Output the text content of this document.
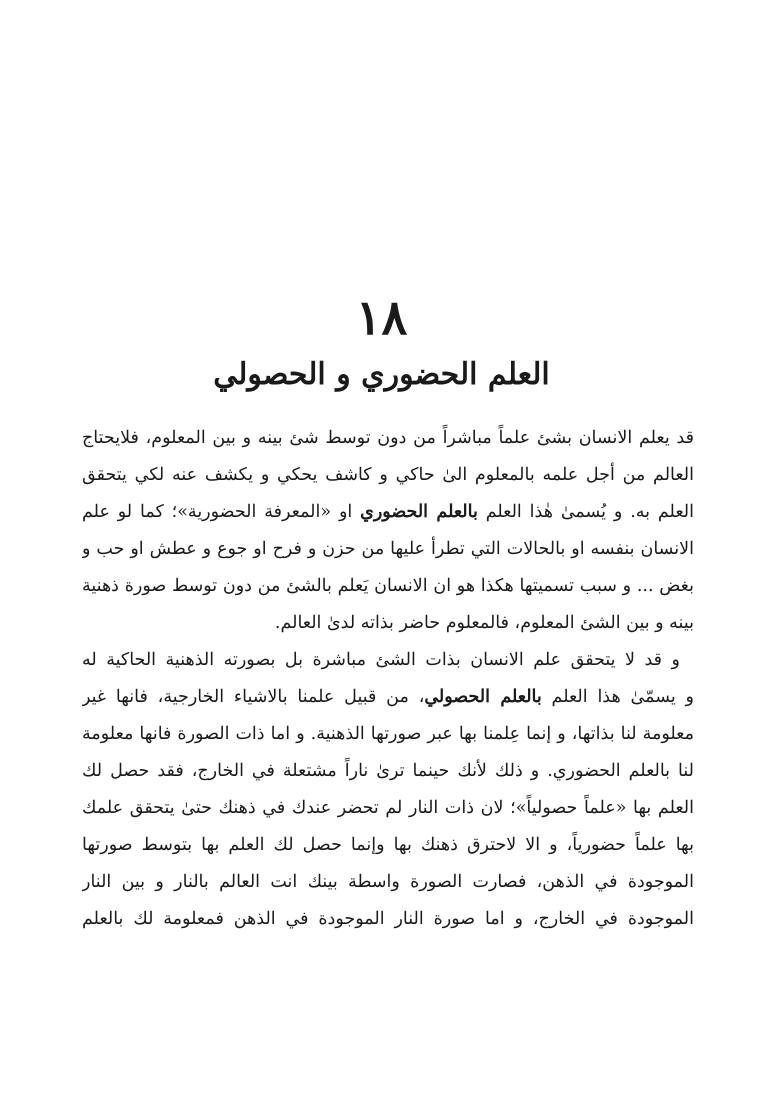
۱۸
العلم الحضوري و الحصولي
قد يعلم الانسان بشئ علماً مباشراً من دون توسط شئ بينه و بين المعلوم، فلايحتاج
العالم من أجل علمه بالمعلوم الىٰ حاكي و كاشف يحكي و يكشف عنه لكي يتحقق
العلم به. و يُسمىٰ هٰذا العلم بالعلم الحضوري او «المعرفة الحضورية»؛ كما لو علم
الانسان بنفسه او بالحالات التي تطرأ عليها من حزن و فرح او جوع و عطش او حب و
بغض ... و سبب تسميتها هكذا هو ان الانسان يَعلم بالشئ من دون توسط صورة ذهنية
بينه و بين الشئ المعلوم، فالمعلوم حاضر بذاته لدىٰ العالم.
و قد لا يتحقق علم الانسان بذات الشئ مباشرة بل بصورته الذهنية الحاكية له
و يسمّىٰ هذا العلم بالعلم الحصولي، من قبيل علمنا بالاشياء الخارجية، فانها غير
معلومة لنا بذاتها، و إنما عِلمنا بها عبر صورتها الذهنية. و اما ذات الصورة فانها معلومة
لنا بالعلم الحضوري. و ذلك لأنك حينما ترىٰ ناراً مشتعلة في الخارج، فقد حصل لك
العلم بها «علماً حصولياً»؛ لان ذات النار لم تحضر عندك في ذهنك حتىٰ يتحقق علمك
بها علماً حضورياً، و الا لاحترق ذهنك بها وإنما حصل لك العلم بها بتوسط صورتها
الموجودة في الذهن، فصارت الصورة واسطة بينك انت العالم بالنار و بين النار
الموجودة في الخارج، و اما صورة النار الموجودة في الذهن فمعلومة لك بالعلم
